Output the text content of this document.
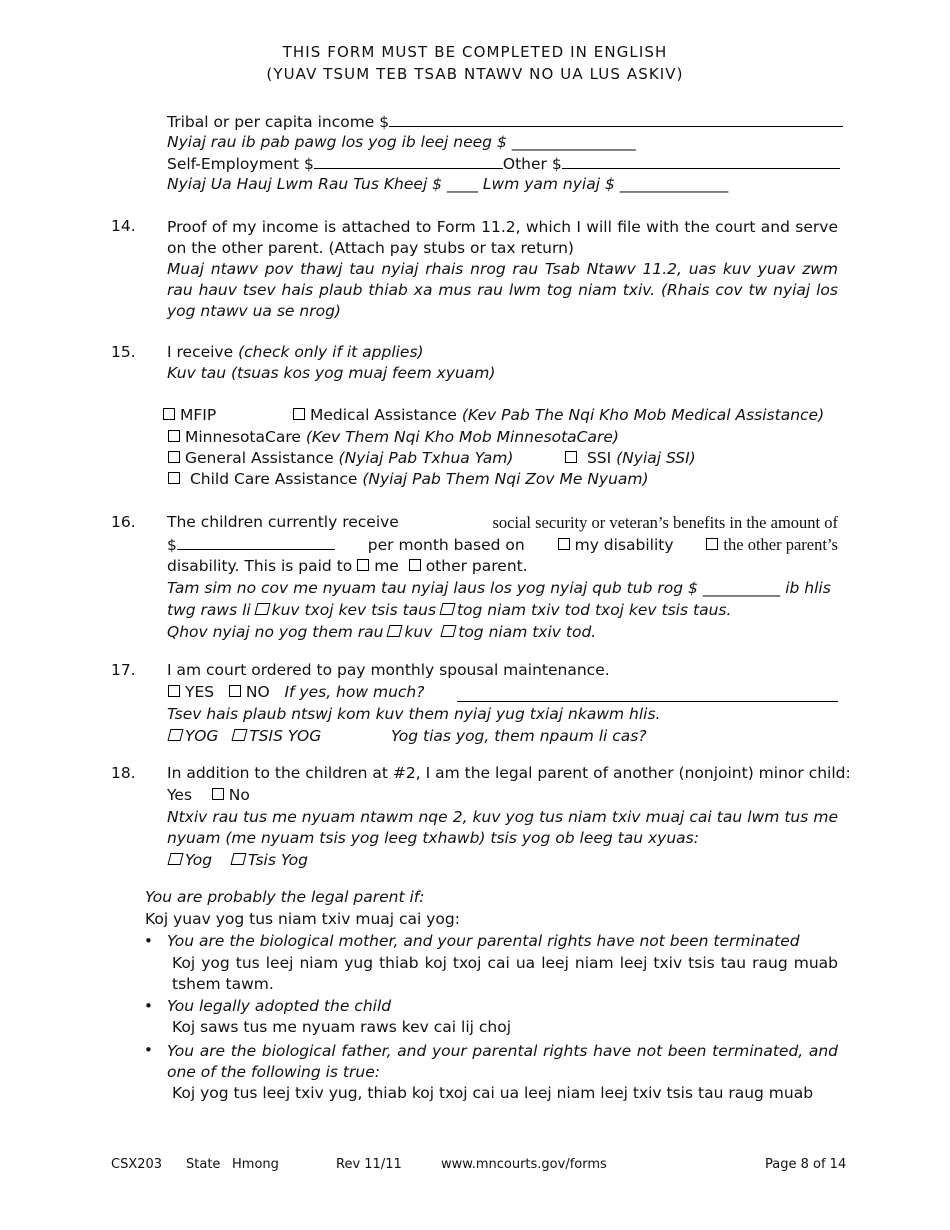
THIS FORM MUST BE COMPLETED IN ENGLISH
(YUAV TSUM TEB TSAB NTAWV NO UA LUS ASKIV)
Tribal or per capita income $
Nyiaj rau ib pab pawg los yog ib leej neeg $ ________________
Self-Employment $	Other $
Nyiaj Ua Hauj Lwm Rau Tus Kheej $ ____ Lwm yam nyiaj $ ______________
14. Proof of my income is attached to Form 11.2, which I will file with the court and serve on the other parent. (Attach pay stubs or tax return)
Muaj ntawv pov thawj tau nyiaj rhais nrog rau Tsab Ntawv 11.2, uas kuv yuav zwm rau hauv tsev hais plaub thiab xa mus rau lwm tog niam txiv. (Rhais cov tw nyiaj los yog ntawv ua se nrog)
15. I receive (check only if it applies)
Kuv tau (tsuas kos yog muaj feem xyuam)
MFIP	Medical Assistance (Kev Pab The Nqi Kho Mob Medical Assistance)
MinnesotaCare (Kev Them Nqi Kho Mob MinnesotaCare)
General Assistance (Nyiaj Pab Txhua Yam)	SSI (Nyiaj SSI)
Child Care Assistance (Nyiaj Pab Them Nqi Zov Me Nyuam)
16. The children currently receive	social security or veteran’s benefits in the amount of
$	per month based on	my disability	the other parent’s
disability. This is paid to me other parent.
Tam sim no cov me nyuam tau nyiaj laus los yog nyiaj qub tub rog $ __________ ib hlis
twg raws li kuv txoj kev tsis taus tog niam txiv tod txoj kev tsis taus.
Qhov nyiaj no yog them rau kuv tog niam txiv tod.
17. I am court ordered to pay monthly spousal maintenance.
YES NO If yes, how much?
Tsev hais plaub ntswj kom kuv them nyiaj yug txiaj nkawm hlis.
YOG TSIS YOG	Yog tias yog, them npaum li cas?
18. In addition to the children at #2, I am the legal parent of another (nonjoint) minor child:
Yes No
Ntxiv rau tus me nyuam ntawm nqe 2, kuv yog tus niam txiv muaj cai tau lwm tus me nyuam (me nyuam tsis yog leeg txhawb) tsis yog ob leeg tau xyuas:
Yog Tsis Yog
You are probably the legal parent if:
Koj yuav yog tus niam txiv muaj cai yog:
• You are the biological mother, and your parental rights have not been terminated
Koj yog tus leej niam yug thiab koj txoj cai ua leej niam leej txiv tsis tau raug muab tshem tawm.
• You legally adopted the child
Koj saws tus me nyuam raws kev cai lij choj
• You are the biological father, and your parental rights have not been terminated, and one of the following is true:
Koj yog tus leej txiv yug, thiab koj txoj cai ua leej niam leej txiv tsis tau raug muab
CSX203 State Hmong	Rev 11/11	www.mncourts.gov/forms	Page 8 of 14
